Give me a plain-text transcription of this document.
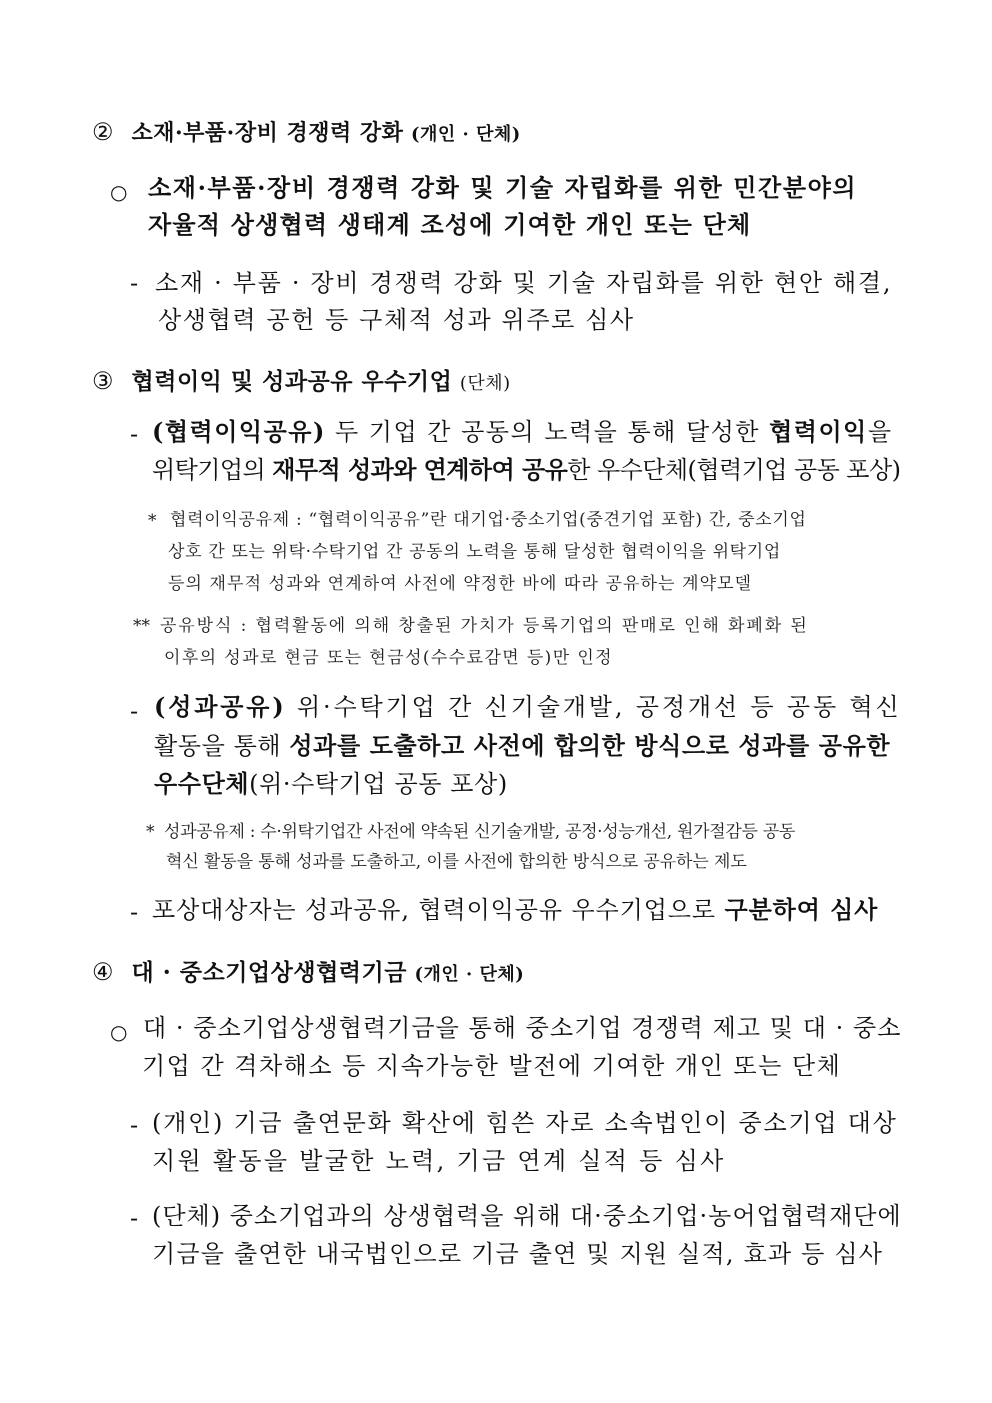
② 소재·부품·장비 경쟁력 강화 (개인 · 단체)
○ 소재·부품·장비 경쟁력 강화 및 기술 자립화를 위한 민간분야의
자율적 상생협력 생태계 조성에 기여한 개인 또는 단체
- 소재 · 부품 · 장비 경쟁력 강화 및 기술 자립화를 위한 현안 해결,
상생협력 공헌 등 구체적 성과 위주로 심사
③ 협력이익 및 성과공유 우수기업 (단체)
- (협력이익공유) 두 기업 간 공동의 노력을 통해 달성한 협력이익을
위탁기업의 재무적 성과와 연계하여 공유한 우수단체(협력기업 공동 포상)
* 협력이익공유제 : “협력이익공유”란 대기업·중소기업(중견기업 포함) 간, 중소기업
상호 간 또는 위탁·수탁기업 간 공동의 노력을 통해 달성한 협력이익을 위탁기업
등의 재무적 성과와 연계하여 사전에 약정한 바에 따라 공유하는 계약모델
** 공유방식 : 협력활동에 의해 창출된 가치가 등록기업의 판매로 인해 화폐화 된
이후의 성과로 현금 또는 현금성(수수료감면 등)만 인정
- (성과공유) 위·수탁기업 간 신기술개발, 공정개선 등 공동 혁신
활동을 통해 성과를 도출하고 사전에 합의한 방식으로 성과를 공유한
우수단체(위·수탁기업 공동 포상)
* 성과공유제 : 수·위탁기업간 사전에 약속된 신기술개발, 공정·성능개선, 원가절감등 공동
혁신 활동을 통해 성과를 도출하고, 이를 사전에 합의한 방식으로 공유하는 제도
- 포상대상자는 성과공유, 협력이익공유 우수기업으로 구분하여 심사
④ 대 · 중소기업상생협력기금 (개인 · 단체)
○ 대 · 중소기업상생협력기금을 통해 중소기업 경쟁력 제고 및 대 · 중소
기업 간 격차해소 등 지속가능한 발전에 기여한 개인 또는 단체
- (개인) 기금 출연문화 확산에 힘쓴 자로 소속법인이 중소기업 대상
지원 활동을 발굴한 노력, 기금 연계 실적 등 심사
- (단체) 중소기업과의 상생협력을 위해 대·중소기업·농어업협력재단에
기금을 출연한 내국법인으로 기금 출연 및 지원 실적, 효과 등 심사
